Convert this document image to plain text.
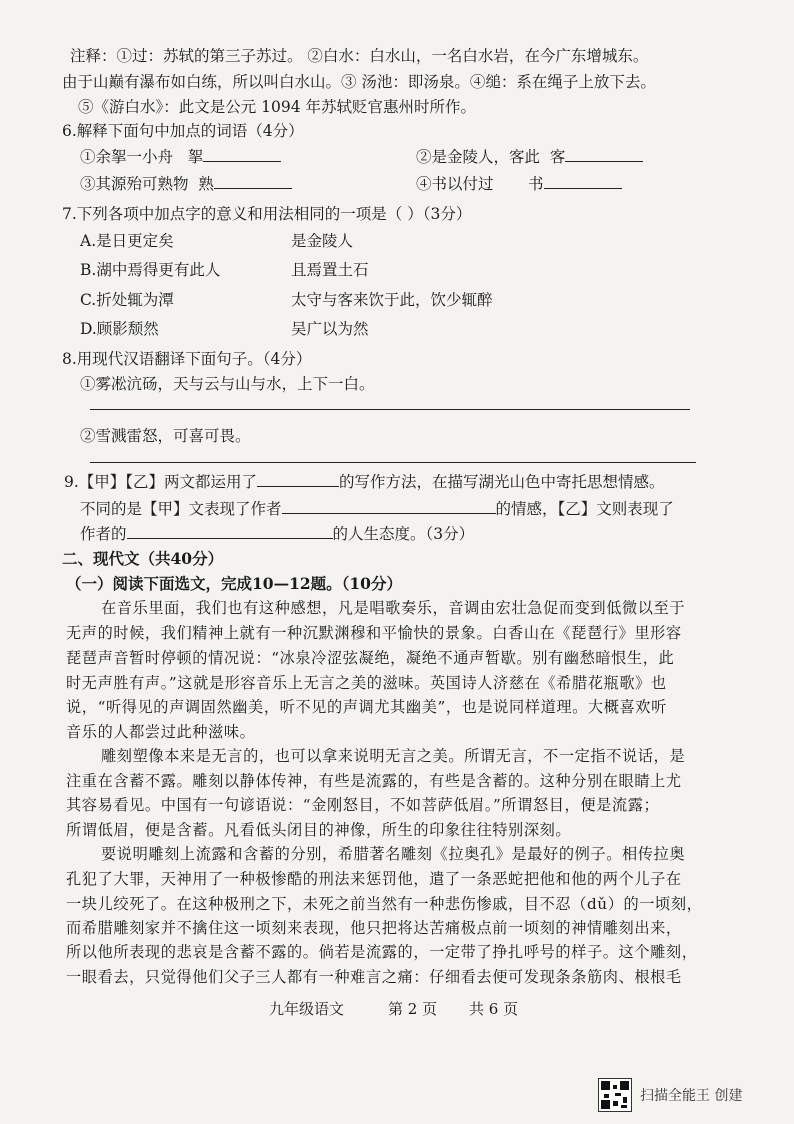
注释：①过：苏轼的第三子苏过。 ②白水：白水山，一名白水岩，在今广东增城东。
由于山巅有瀑布如白练，所以叫白水山。③ 汤池：即汤泉。④缒：系在绳子上放下去。
⑤《游白水》：此文是公元 1094 年苏轼贬官惠州时所作。
6.解释下面句中加点的词语（4分）
①余挐一小舟 挐	②是金陵人，客此 客
③其源殆可熟物 熟	④书以付过 书
7.下列各项中加点字的意义和用法相同的一项是（ ）（3分）
A.是日更定矣	是金陵人
B.湖中焉得更有此人	且焉置土石
C.折处辄为潭	太守与客来饮于此，饮少辄醉
D.顾影颓然	吴广以为然
8.用现代汉语翻译下面句子。（4分）
①雾凇沆砀，天与云与山与水，上下一白。
②雪溅雷怒，可喜可畏。
9.【甲】【乙】两文都运用了	的写作方法，在描写湖光山色中寄托思想情感。
不同的是【甲】文表现了作者	的情感，【乙】文则表现了
作者的	的人生态度。（3分）
二、现代文（共40分）
（一）阅读下面选文，完成10—12题。（10分）
在音乐里面，我们也有这种感想，凡是唱歌奏乐，音调由宏壮急促而变到低微以至于
无声的时候，我们精神上就有一种沉默渊穆和平愉快的景象。白香山在《琵琶行》里形容
琵琶声音暂时停顿的情况说：“冰泉冷涩弦凝绝，凝绝不通声暂歇。别有幽愁暗恨生，此
时无声胜有声。”这就是形容音乐上无言之美的滋味。英国诗人济慈在《希腊花瓶歌》也
说，“听得见的声调固然幽美，听不见的声调尤其幽美”，也是说同样道理。大概喜欢听
音乐的人都尝过此种滋味。
雕刻塑像本来是无言的，也可以拿来说明无言之美。所谓无言，不一定指不说话，是
注重在含蓄不露。雕刻以静体传神，有些是流露的，有些是含蓄的。这种分别在眼睛上尤
其容易看见。中国有一句谚语说：“金刚怒目，不如菩萨低眉。”所谓怒目，便是流露；
所谓低眉，便是含蓄。凡看低头闭目的神像，所生的印象往往特别深刻。
要说明雕刻上流露和含蓄的分别，希腊著名雕刻《拉奥孔》是最好的例子。相传拉奥
孔犯了大罪，天神用了一种极惨酷的刑法来惩罚他，遣了一条恶蛇把他和他的两个儿子在
一块儿绞死了。在这种极刑之下，未死之前当然有一种悲伤惨戚，目不忍（dǔ）的一顷刻，
而希腊雕刻家并不擒住这一顷刻来表现，他只把将达苦痛极点前一顷刻的神情雕刻出来，
所以他所表现的悲哀是含蓄不露的。倘若是流露的，一定带了挣扎呼号的样子。这个雕刻，
一眼看去，只觉得他们父子三人都有一种难言之痛：仔细看去便可发现条条筋肉、根根毛
九年级语文	第 2 页 共 6 页
扫描全能王 创建
